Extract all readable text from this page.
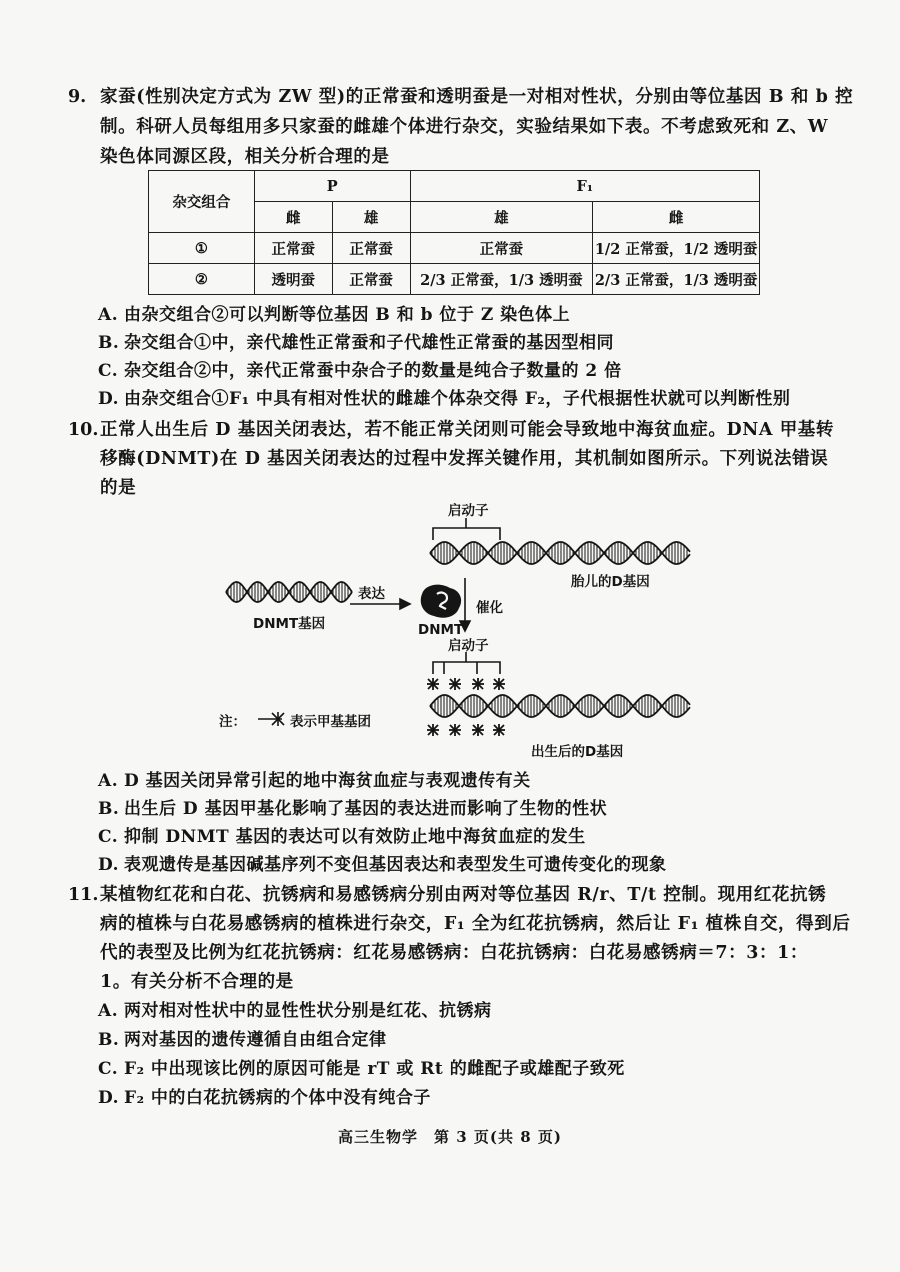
9. 家蚕(性别决定方式为 ZW 型)的正常蚕和透明蚕是一对相对性状，分别由等位基因 B 和 b 控
制。科研人员每组用多只家蚕的雌雄个体进行杂交，实验结果如下表。不考虑致死和 Z、W
染色体同源区段，相关分析合理的是
杂交组合	P		F₁	
	雌	雄	雄	雌
①	正常蚕	正常蚕	正常蚕	1/2 正常蚕，1/2 透明蚕
②	透明蚕	正常蚕	2/3 正常蚕，1/3 透明蚕	2/3 正常蚕，1/3 透明蚕
A. 由杂交组合②可以判断等位基因 B 和 b 位于 Z 染色体上
B. 杂交组合①中，亲代雄性正常蚕和子代雄性正常蚕的基因型相同
C. 杂交组合②中，亲代正常蚕中杂合子的数量是纯合子数量的 2 倍
D. 由杂交组合①F₁ 中具有相对性状的雌雄个体杂交得 F₂，子代根据性状就可以判断性别
10. 正常人出生后 D 基因关闭表达，若不能正常关闭则可能会导致地中海贫血症。DNA 甲基转
移酶(DNMT)在 D 基因关闭表达的过程中发挥关键作用，其机制如图所示。下列说法错误
的是
启动子
胎儿的D基因
DNMT基因
表达
DNMT
催化
启动子
注：	表示甲基基团
出生后的D基因
A. D 基因关闭异常引起的地中海贫血症与表观遗传有关
B. 出生后 D 基因甲基化影响了基因的表达进而影响了生物的性状
C. 抑制 DNMT 基因的表达可以有效防止地中海贫血症的发生
D. 表观遗传是基因碱基序列不变但基因表达和表型发生可遗传变化的现象
11. 某植物红花和白花、抗锈病和易感锈病分别由两对等位基因 R/r、T/t 控制。现用红花抗锈
病的植株与白花易感锈病的植株进行杂交，F₁ 全为红花抗锈病，然后让 F₁ 植株自交，得到后
代的表型及比例为红花抗锈病：红花易感锈病：白花抗锈病：白花易感锈病＝7：3：1：
1。有关分析不合理的是
A. 两对相对性状中的显性性状分别是红花、抗锈病
B. 两对基因的遗传遵循自由组合定律
C. F₂ 中出现该比例的原因可能是 rT 或 Rt 的雌配子或雄配子致死
D. F₂ 中的白花抗锈病的个体中没有纯合子
高三生物学　第 3 页(共 8 页)
